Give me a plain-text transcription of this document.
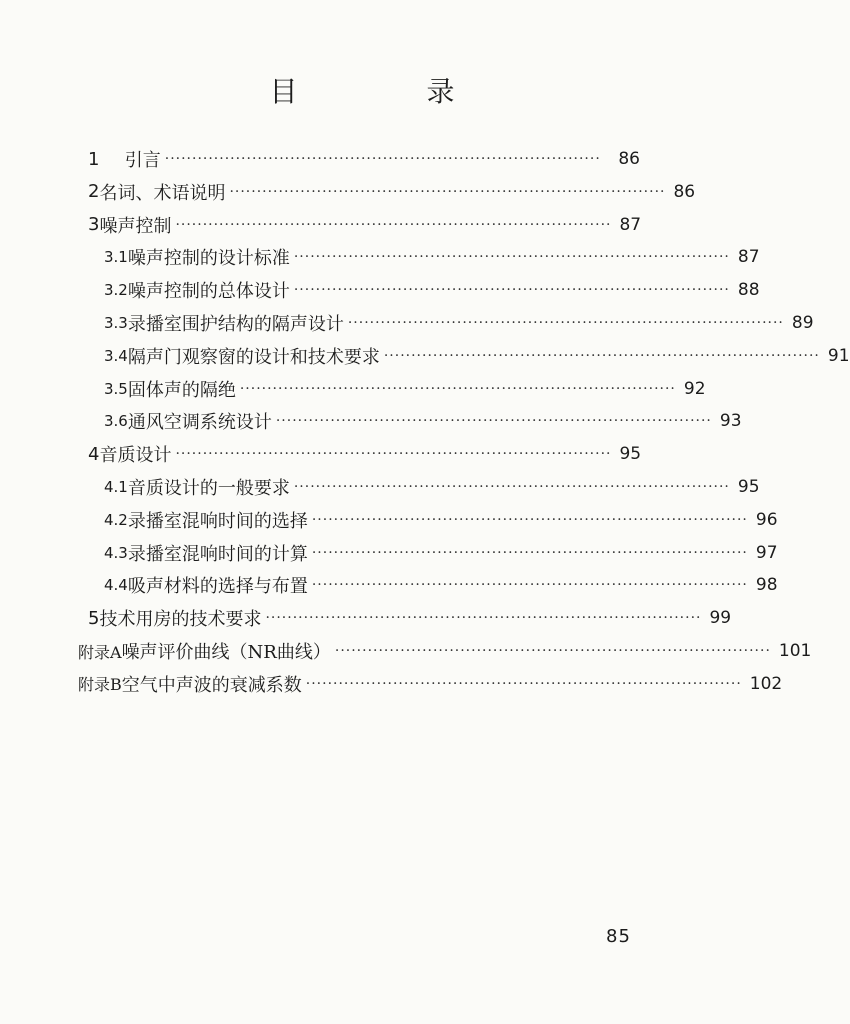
目 录
1	引言 ················································································	86
2 名词、术语说明 ················································································ 86
3 噪声控制 ················································································ 87
3.1 噪声控制的设计标准 ················································································ 87
3.2 噪声控制的总体设计 ················································································ 88
3.3 录播室围护结构的隔声设计 ················································································ 89
3.4 隔声门观察窗的设计和技术要求 ················································································ 91
3.5 固体声的隔绝 ················································································ 92
3.6 通风空调系统设计 ················································································ 93
4 音质设计 ················································································ 95
4.1 音质设计的一般要求 ················································································ 95
4.2 录播室混响时间的选择 ················································································ 96
4.3 录播室混响时间的计算 ················································································ 97
4.4 吸声材料的选择与布置 ················································································ 98
5 技术用房的技术要求 ················································································ 99
附录A 噪声评价曲线（NR曲线） ················································································ 101
附录B 空气中声波的衰减系数 ················································································ 102
85
